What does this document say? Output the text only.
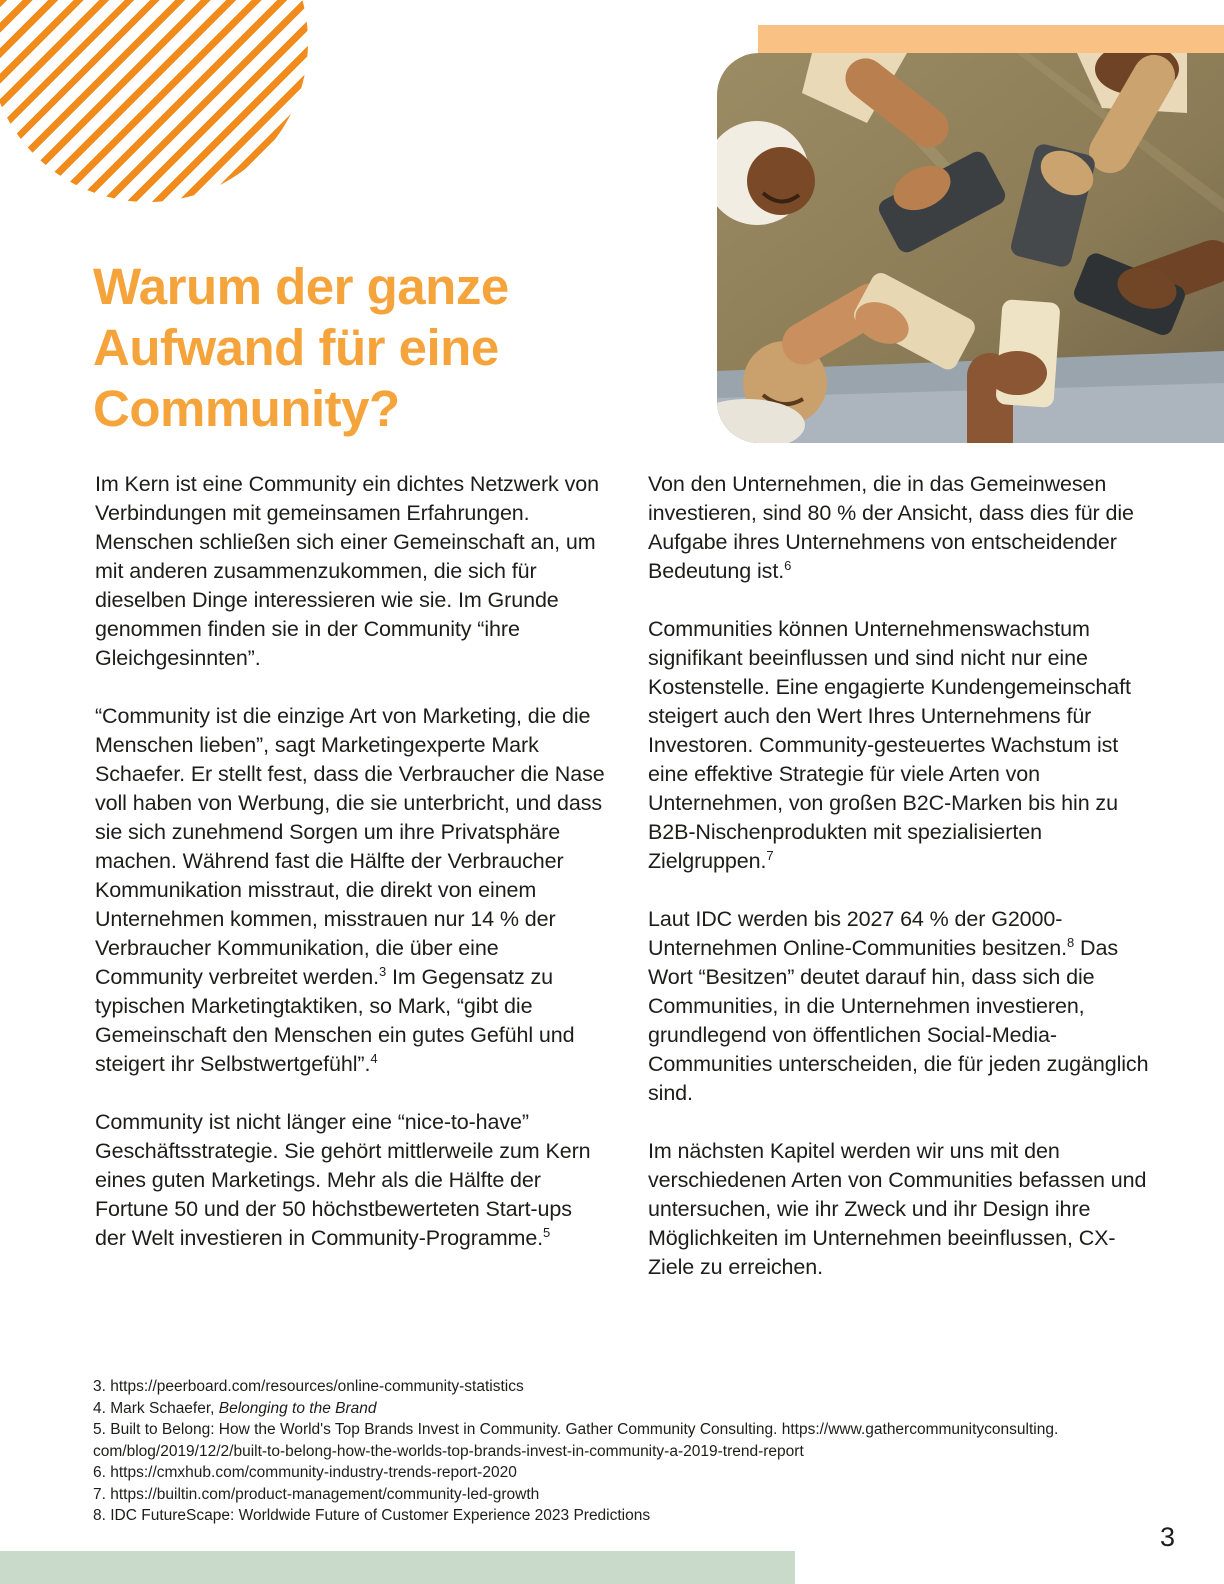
Warum der ganze Aufwand für eine Community?

Im Kern ist eine Community ein dichtes Netzwerk von Verbindungen mit gemeinsamen Erfahrungen. Menschen schließen sich einer Gemeinschaft an, um mit anderen zusammenzukommen, die sich für dieselben Dinge interessieren wie sie. Im Grunde genommen finden sie in der Community “ihre Gleichgesinnten”.

“Community ist die einzige Art von Marketing, die die Menschen lieben”, sagt Marketingexperte Mark Schaefer. Er stellt fest, dass die Verbraucher die Nase voll haben von Werbung, die sie unterbricht, und dass sie sich zunehmend Sorgen um ihre Privatsphäre machen. Während fast die Hälfte der Verbraucher Kommunikation misstraut, die direkt von einem Unternehmen kommen, misstrauen nur 14 % der Verbraucher Kommunikation, die über eine Community verbreitet werden.$^3$ Im Gegensatz zu typischen Marketingtaktiken, so Mark, “gibt die Gemeinschaft den Menschen ein gutes Gefühl und steigert ihr Selbstwertgefühl”.$^4$

Community ist nicht länger eine “nice-to-have” Geschäftsstrategie. Sie gehört mittlerweile zum Kern eines guten Marketings. Mehr als die Hälfte der Fortune 50 und der 50 höchstbewerteten Start-ups der Welt investieren in Community-Programme.$^5$

Von den Unternehmen, die in das Gemeinwesen investieren, sind 80 % der Ansicht, dass dies für die Aufgabe ihres Unternehmens von entscheidender Bedeutung ist.$^6$

Communities können Unternehmenswachstum signifikant beeinflussen und sind nicht nur eine Kostenstelle. Eine engagierte Kundengemeinschaft steigert auch den Wert Ihres Unternehmens für Investoren. Community-gesteuertes Wachstum ist eine effektive Strategie für viele Arten von Unternehmen, von großen B2C-Marken bis hin zu B2B-Nischenprodukten mit spezialisierten Zielgruppen.$^7$

Laut IDC werden bis 2027 64 % der G2000-Unternehmen Online-Communities besitzen.$^8$ Das Wort “Besitzen” deutet darauf hin, dass sich die Communities, in die Unternehmen investieren, grundlegend von öffentlichen Social-Media-Communities unterscheiden, die für jeden zugänglich sind.

Im nächsten Kapitel werden wir uns mit den verschiedenen Arten von Communities befassen und untersuchen, wie ihr Zweck und ihr Design ihre Möglichkeiten im Unternehmen beeinflussen, CX-Ziele zu erreichen.

3. https://peerboard.com/resources/online-community-statistics
4. Mark Schaefer, Belonging to the Brand
5. Built to Belong: How the World's Top Brands Invest in Community. Gather Community Consulting. https://www.gathercommunityconsulting.
com/blog/2019/12/2/built-to-belong-how-the-worlds-top-brands-invest-in-community-a-2019-trend-report
6. https://cmxhub.com/community-industry-trends-report-2020
7. https://builtin.com/product-management/community-led-growth
8. IDC FutureScape: Worldwide Future of Customer Experience 2023 Predictions
3
